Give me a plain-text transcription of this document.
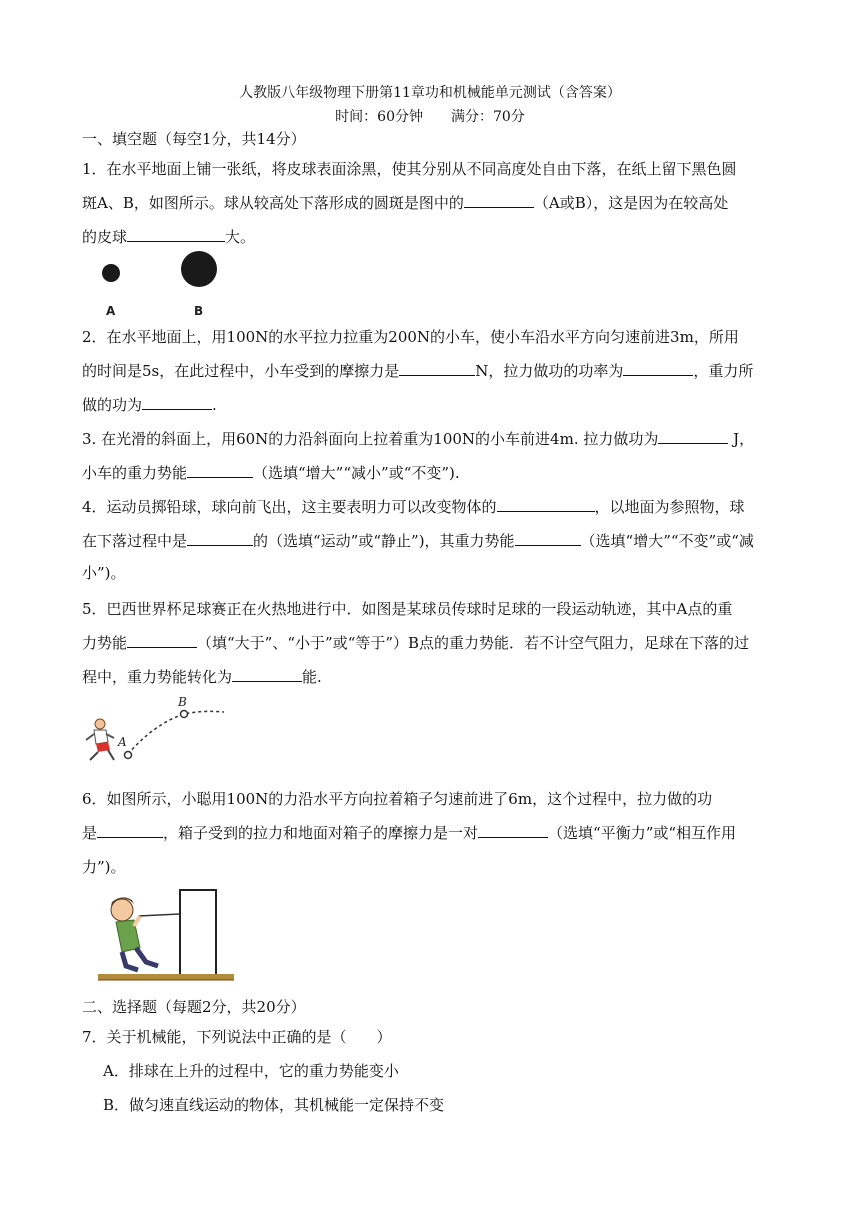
人教版八年级物理下册第11章功和机械能单元测试（含答案）
时间：60分钟　　满分：70分
一、填空题（每空1分，共14分）
1．在水平地面上铺一张纸，将皮球表面涂黑，使其分别从不同高度处自由下落，在纸上留下黑色圆
斑A、B，如图所示。球从较高处下落形成的圆斑是图中的	（A或B），这是因为在较高处
的皮球	大。
A	B
2．在水平地面上，用100N的水平拉力拉重为200N的小车，使小车沿水平方向匀速前进3m，所用
的时间是5s，在此过程中，小车受到的摩擦力是	N，拉力做功的功率为	，重力所
做的功为	.
3. 在光滑的斜面上，用60N的力沿斜面向上拉着重为100N的小车前进4m. 拉力做功为	J，
小车的重力势能	（选填“增大”“减小”或“不变”).
4．运动员掷铅球，球向前飞出，这主要表明力可以改变物体的	，以地面为参照物，球
在下落过程中是	的（选填“运动”或“静止”)，其重力势能	（选填“增大”“不变”或“减
小”)。
5．巴西世界杯足球赛正在火热地进行中．如图是某球员传球时足球的一段运动轨迹，其中A点的重
力势能	（填“大于”、“小于”或“等于”）B点的重力势能．若不计空气阻力，足球在下落的过
程中，重力势能转化为	能.
A
B
6．如图所示，小聪用100N的力沿水平方向拉着箱子匀速前进了6m，这个过程中，拉力做的功
是	，箱子受到的拉力和地面对箱子的摩擦力是一对	（选填“平衡力”或“相互作用
力”)。
二、选择题（每题2分，共20分）
7．关于机械能，下列说法中正确的是（　　）
A．排球在上升的过程中，它的重力势能变小
B．做匀速直线运动的物体，其机械能一定保持不变
